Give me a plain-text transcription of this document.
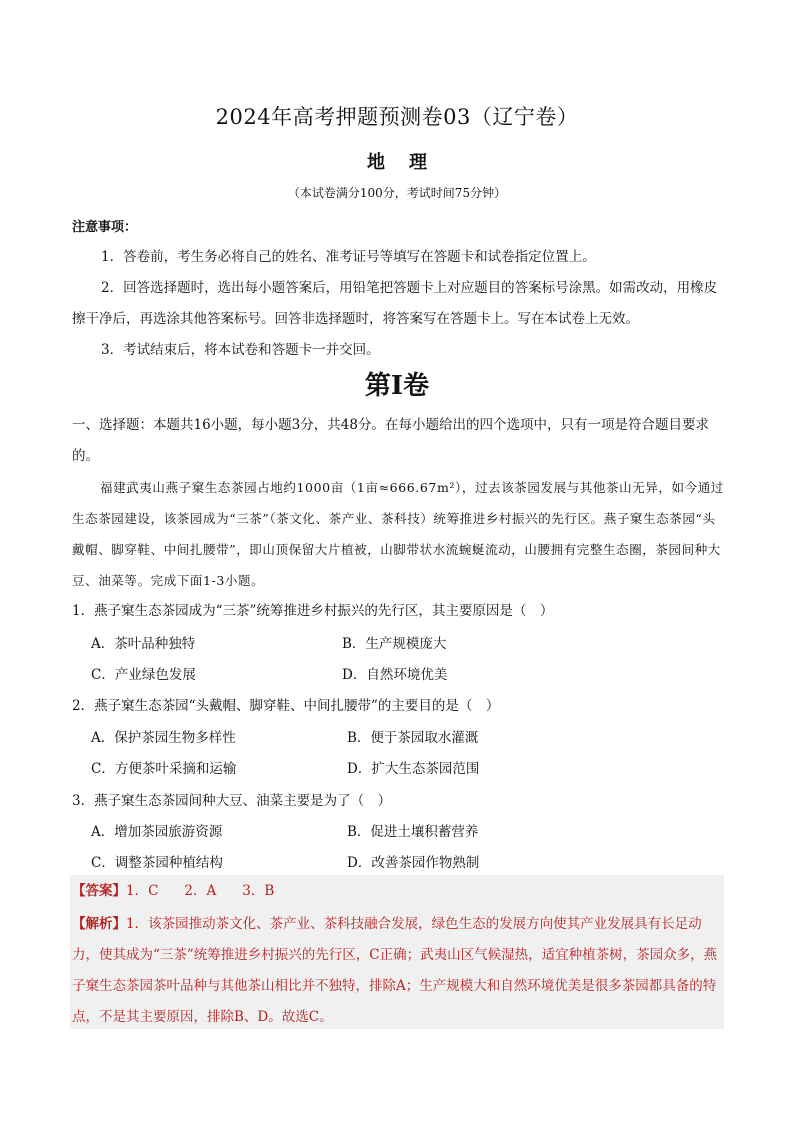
2024年高考押题预测卷03（辽宁卷）
地 理
（本试卷满分100分，考试时间75分钟）
注意事项：
1．答卷前，考生务必将自己的姓名、准考证号等填写在答题卡和试卷指定位置上。
2．回答选择题时，选出每小题答案后，用铅笔把答题卡上对应题目的答案标号涂黑。如需改动，用橡皮擦干净后，再选涂其他答案标号。回答非选择题时，将答案写在答题卡上。写在本试卷上无效。
3．考试结束后，将本试卷和答题卡一并交回。
第Ⅰ卷
一、选择题：本题共16小题，每小题3分，共48分。在每小题给出的四个选项中，只有一项是符合题目要求的。
福建武夷山燕子窠生态茶园占地约1000亩（1亩≈666.67m²），过去该茶园发展与其他茶山无异，如今通过生态茶园建设，该茶园成为“三茶”（茶文化、茶产业、茶科技）统筹推进乡村振兴的先行区。燕子窠生态茶园“头戴帽、脚穿鞋、中间扎腰带”，即山顶保留大片植被，山脚带状水流蜿蜒流动，山腰拥有完整生态圈，茶园间种大豆、油菜等。完成下面1-3小题。
1．燕子窠生态茶园成为“三茶”统筹推进乡村振兴的先行区，其主要原因是（　）
A．茶叶品种独特	B．生产规模庞大
C．产业绿色发展	D．自然环境优美
2．燕子窠生态茶园“头戴帽、脚穿鞋、中间扎腰带”的主要目的是（　）
A．保护茶园生物多样性	B．便于茶园取水灌溉
C．方便茶叶采摘和运输	D．扩大生态茶园范围
3．燕子窠生态茶园间种大豆、油菜主要是为了（　）
A．增加茶园旅游资源	B．促进土壤积蓄营养
C．调整茶园种植结构	D．改善茶园作物熟制
【答案】1．C 2．A 3．B
【解析】1．该茶园推动茶文化、茶产业、茶科技融合发展，绿色生态的发展方向使其产业发展具有长足动力，使其成为“三茶”统筹推进乡村振兴的先行区，C正确；武夷山区气候湿热，适宜种植茶树，茶园众多，燕子窠生态茶园茶叶品种与其他茶山相比并不独特，排除A；生产规模大和自然环境优美是很多茶园都具备的特点，不是其主要原因，排除B、D。故选C。
